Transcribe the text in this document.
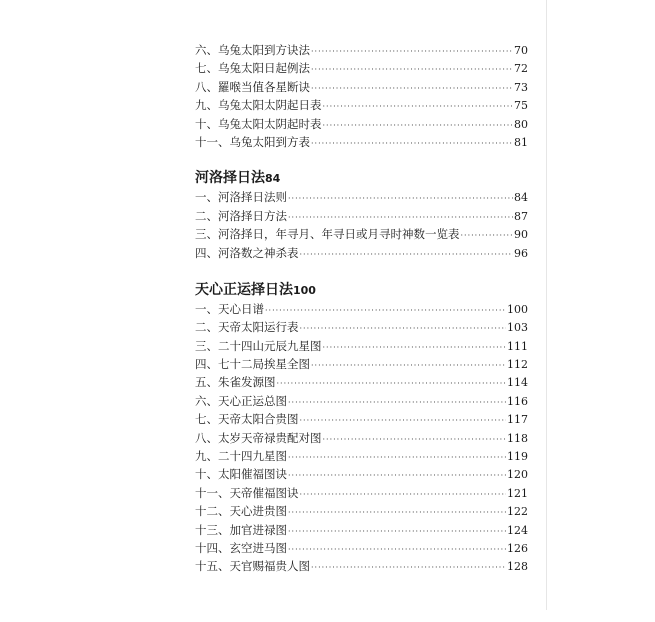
六、乌兔太阳到方诀法 ·····	70
七、乌兔太阳日起例法 ·····	72
八、羅喉当值各星断诀 ·····	73
九、乌兔太阳太阴起日表 ·····	75
十、乌兔太阳太阴起时表 ·····	80
十一、乌兔太阳到方表 ·····	81
河洛择日法84
一、河洛择日法则 ·····	84
二、河洛择日方法 ·····	87
三、河洛择日，年寻月、年寻日或月寻时神数一览表 ·····	90
四、河洛数之神杀表 ·····	96
天心正运择日法100
一、天心日谱 ·····	100
二、天帝太阳运行表 ·····	103
三、二十四山元辰九星图 ·····	111
四、七十二局挨星全图 ·····	112
五、朱雀发源图 ·····	114
六、天心正运总图 ·····	116
七、天帝太阳合贵图 ·····	117
八、太岁天帝禄贵配对图 ·····	118
九、二十四九星图 ·····	119
十、太阳催福图诀 ·····	120
十一、天帝催福图诀 ·····	121
十二、天心进贵图 ·····	122
十三、加官进禄图 ·····	124
十四、玄空进马图 ·····	126
十五、天官赐福贵人图 ·····	128
